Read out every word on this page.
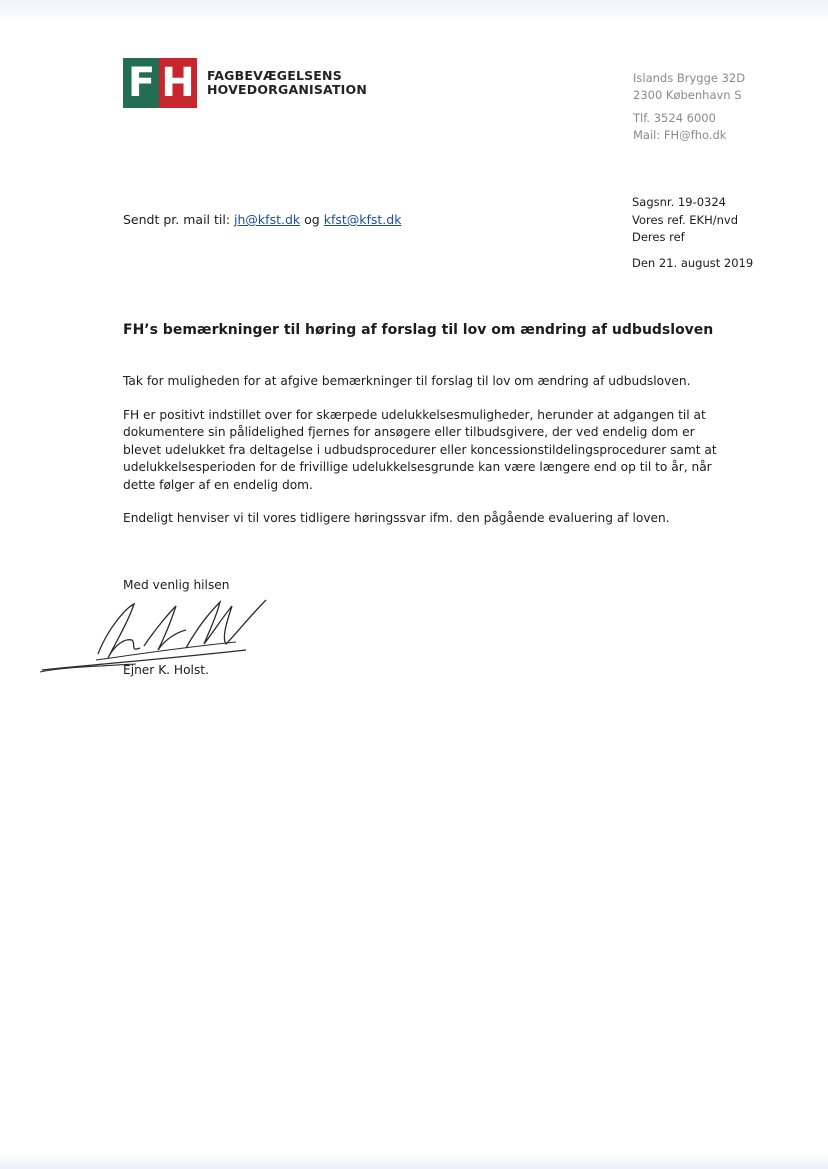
F H FAGBEVÆGELSENS
HOVEDORGANISATION
Islands Brygge 32D
2300 København S
Tlf. 3524 6000
Mail: FH@fho.dk
Sendt pr. mail til: jh@kfst.dk og kfst@kfst.dk
Sagsnr. 19-0324
Vores ref. EKH/nvd
Deres ref
Den 21. august 2019
FH’s bemærkninger til høring af forslag til lov om ændring af udbudsloven

Tak for muligheden for at afgive bemærkninger til forslag til lov om ændring af udbudsloven.

FH er positivt indstillet over for skærpede udelukkelsesmuligheder, herunder at adgangen til at dokumentere sin pålidelighed fjernes for ansøgere eller tilbudsgivere, der ved endelig dom er blevet udelukket fra deltagelse i udbudsprocedurer eller koncessionstildelingsprocedurer samt at udelukkelsesperioden for de frivillige udelukkelsesgrunde kan være længere end op til to år, når dette følger af en endelig dom.

Endeligt henviser vi til vores tidligere høringssvar ifm. den pågående evaluering af loven.

Med venlig hilsen
Ejner K. Holst.
